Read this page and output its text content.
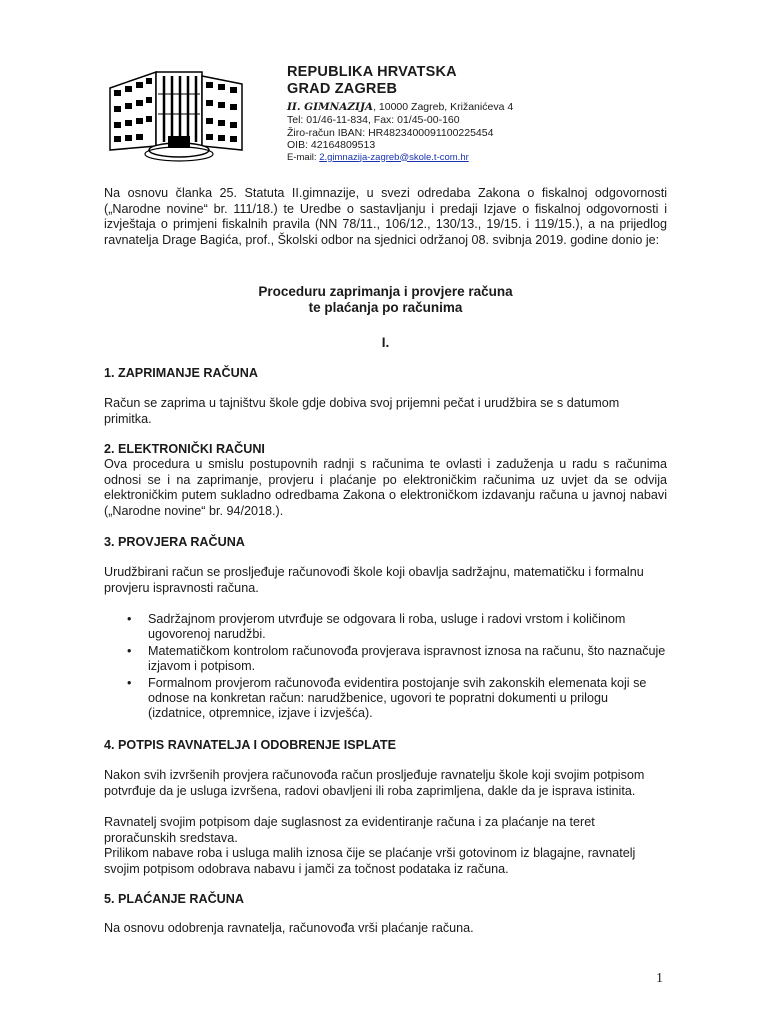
REPUBLIKA HRVATSKA
GRAD ZAGREB
II. GIMNAZIJA, 10000 Zagreb, Križanićeva 4
Tel: 01/46-11-834, Fax: 01/45-00-160
Žiro-račun IBAN: HR4823400091100225454
OIB: 42164809513
E-mail: 2.gimnazija-zagreb@skole.t-com.hr
Na osnovu članka 25. Statuta II.gimnazije, u svezi odredaba Zakona o fiskalnoj odgovornosti („Narodne novine“ br. 111/18.) te Uredbe o sastavljanju i predaji Izjave o fiskalnoj odgovornosti i izvještaja o primjeni fiskalnih pravila (NN 78/11., 106/12., 130/13., 19/15. i 119/15.), a na prijedlog ravnatelja Drage Bagića, prof., Školski odbor na sjednici održanoj 08. svibnja 2019. godine donio je:
Proceduru zaprimanja i provjere računa
te plaćanja po računima
I.
1. ZAPRIMANJE RAČUNA
Račun se zaprima u tajništvu škole gdje dobiva svoj prijemni pečat i urudžbira se s datumom primitka.
2. ELEKTRONIČKI RAČUNI
Ova procedura u smislu postupovnih radnji s računima te ovlasti i zaduženja u radu s računima odnosi se i na zaprimanje, provjeru i plaćanje po elektroničkim računima uz uvjet da se odvija elektroničkim putem sukladno odredbama Zakona o elektroničkom izdavanju računa u javnoj nabavi („Narodne novine“ br. 94/2018.).
3. PROVJERA RAČUNA
Urudžbirani račun se prosljeđuje računovođi škole koji obavlja sadržajnu, matematičku i formalnu provjeru ispravnosti računa.
• Sadržajnom provjerom utvrđuje se odgovara li roba, usluge i radovi vrstom i količinom ugovorenoj narudžbi.
• Matematičkom kontrolom računovođa provjerava ispravnost iznosa na računu, što naznačuje izjavom i potpisom.
• Formalnom provjerom računovođa evidentira postojanje svih zakonskih elemenata koji se odnose na konkretan račun: narudžbenice, ugovori te popratni dokumenti u prilogu (izdatnice, otpremnice, izjave i izvješća).
4. POTPIS RAVNATELJA I ODOBRENJE ISPLATE
Nakon svih izvršenih provjera računovođa račun prosljeđuje ravnatelju škole koji svojim potpisom potvrđuje da je usluga izvršena, radovi obavljeni ili roba zaprimljena, dakle da je isprava istinita.
Ravnatelj svojim potpisom daje suglasnost za evidentiranje računa i za plaćanje na teret proračunskih sredstava.
Prilikom nabave roba i usluga malih iznosa čije se plaćanje vrši gotovinom iz blagajne, ravnatelj svojim potpisom odobrava nabavu i jamči za točnost podataka iz računa.
5. PLAĆANJE RAČUNA
Na osnovu odobrenja ravnatelja, računovođa vrši plaćanje računa.
1
